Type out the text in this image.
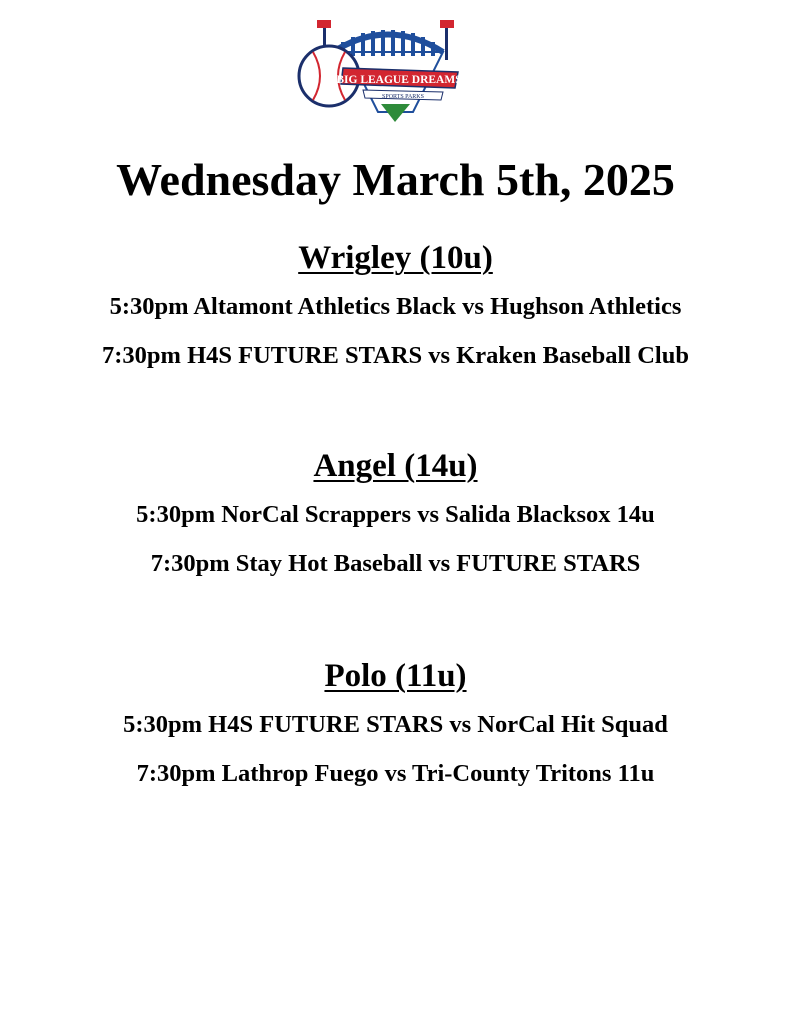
BIG LEAGUE DREAMS
SPORTS PARKS
Wednesday March 5th, 2025
Wrigley (10u)

5:30pm Altamont Athletics Black vs Hughson Athletics

7:30pm H4S FUTURE STARS vs Kraken Baseball Club

Angel (14u)

5:30pm NorCal Scrappers vs Salida Blacksox 14u

7:30pm Stay Hot Baseball vs FUTURE STARS

Polo (11u)

5:30pm H4S FUTURE STARS vs NorCal Hit Squad

7:30pm Lathrop Fuego vs Tri-County Tritons 11u
